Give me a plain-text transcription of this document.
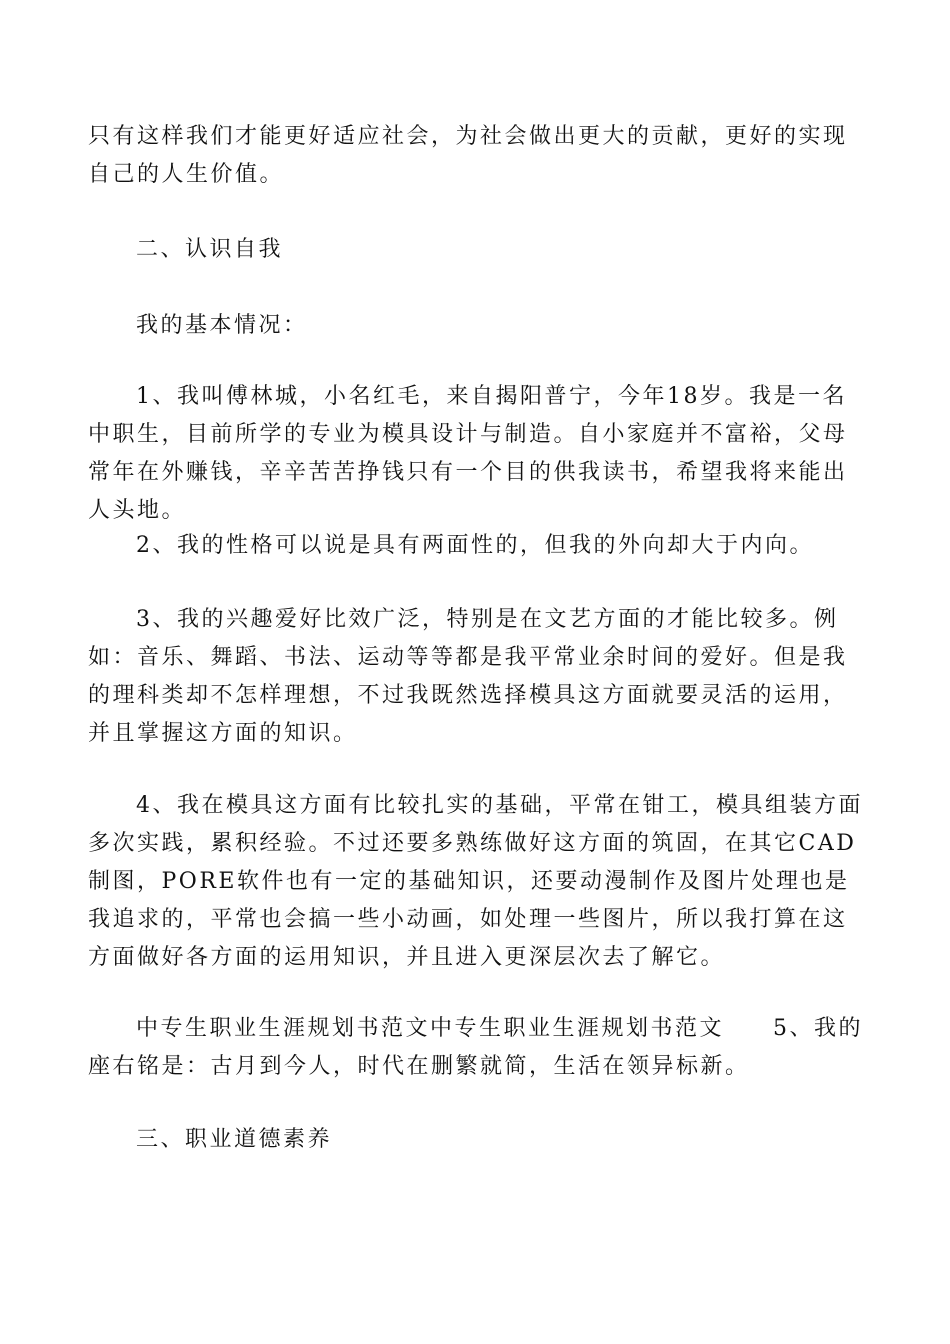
只有这样我们才能更好适应社会，为社会做出更大的贡献，更好的实现自己的人生价值。

二、认识自我

我的基本情况：

1、我叫傅林城，小名红毛，来自揭阳普宁，今年18岁。我是一名中职生，目前所学的专业为模具设计与制造。自小家庭并不富裕，父母常年在外赚钱，辛辛苦苦挣钱只有一个目的供我读书，希望我将来能出人头地。

2、我的性格可以说是具有两面性的，但我的外向却大于内向。

3、我的兴趣爱好比效广泛，特别是在文艺方面的才能比较多。例如：音乐、舞蹈、书法、运动等等都是我平常业余时间的爱好。但是我的理科类却不怎样理想，不过我既然选择模具这方面就要灵活的运用，并且掌握这方面的知识。

4、我在模具这方面有比较扎实的基础，平常在钳工，模具组装方面多次实践，累积经验。不过还要多熟练做好这方面的筑固，在其它CAD制图，PORE软件也有一定的基础知识，还要动漫制作及图片处理也是我追求的，平常也会搞一些小动画，如处理一些图片，所以我打算在这方面做好各方面的运用知识，并且进入更深层次去了解它。

中专生职业生涯规划书范文中专生职业生涯规划书范文　　5、我的座右铭是：古月到今人，时代在删繁就简，生活在领异标新。

三、职业道德素养
